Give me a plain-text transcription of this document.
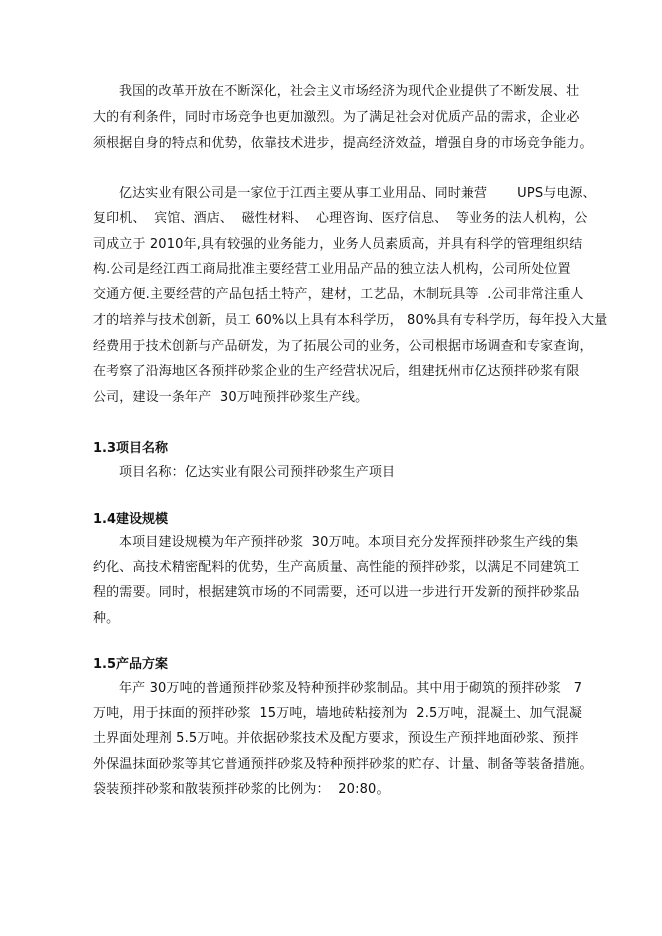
我国的改革开放在不断深化，社会主义市场经济为现代企业提供了不断发展、壮
大的有利条件，同时市场竞争也更加激烈。为了满足社会对优质产品的需求，企业必
须根据自身的特点和优势，依靠技术进步，提高经济效益，增强自身的市场竞争能力。
亿达实业有限公司是一家位于江西主要从事工业用品、同时兼营       UPS与电源、
复印机、  宾馆、酒店、  磁性材料、  心理咨询、医疗信息、  等业务的法人机构，公
司成立于 2010年,具有较强的业务能力，业务人员素质高，并具有科学的管理组织结
构.公司是经江西工商局批准主要经营工业用品产品的独立法人机构，公司所处位置
交通方便.主要经营的产品包括土特产，建材，工艺品，木制玩具等  .公司非常注重人
才的培养与技术创新，员工 60%以上具有本科学历， 80%具有专科学历，每年投入大量
经费用于技术创新与产品研发，为了拓展公司的业务，公司根据市场调查和专家查询，
在考察了沿海地区各预拌砂浆企业的生产经营状况后，组建抚州市亿达预拌砂浆有限
公司，建设一条年产  30万吨预拌砂浆生产线。
1.3项目名称
项目名称：亿达实业有限公司预拌砂浆生产项目
1.4建设规模
本项目建设规模为年产预拌砂浆  30万吨。本项目充分发挥预拌砂浆生产线的集
约化、高技术精密配料的优势，生产高质量、高性能的预拌砂浆，以满足不同建筑工
程的需要。同时，根据建筑市场的不同需要，还可以进一步进行开发新的预拌砂浆品
种。
1.5产品方案
年产 30万吨的普通预拌砂浆及特种预拌砂浆制品。其中用于砌筑的预拌砂浆   7
万吨，用于抹面的预拌砂浆  15万吨，墙地砖粘接剂为  2.5万吨，混凝土、加气混凝
土界面处理剂 5.5万吨。并依据砂浆技术及配方要求，预设生产预拌地面砂浆、预拌
外保温抹面砂浆等其它普通预拌砂浆及特种预拌砂浆的贮存、计量、制备等装备措施。
袋装预拌砂浆和散装预拌砂浆的比例为：  20:80。
